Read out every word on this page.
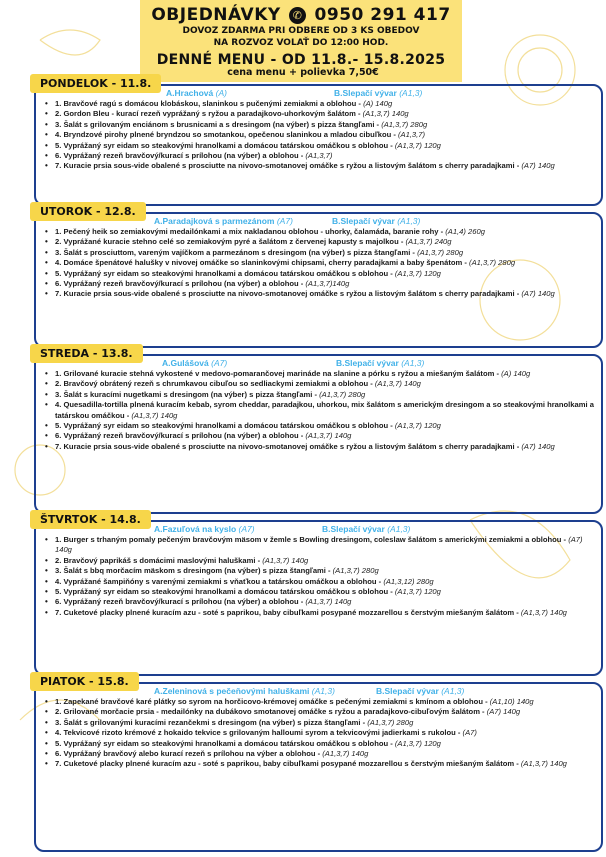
OBJEDNÁVKY ✆ 0950 291 417
DOVOZ ZDARMA PRI ODBERE OD 3 KS OBEDOV
NA ROZVOZ VOLAŤ DO 12:00 HOD.
DENNÉ MENU - OD 11.8.- 15.8.2025
cena menu + polievka 7,50€
PONDELOK - 11.8.
A.Hrachová (A)	B.Slepačí vývar (A1,3)
• 1. Bravčové ragú s domácou klobáskou, slaninkou s pučenými zemiakmi a oblohou - (A) 140g
• 2. Gordon Bleu - kurací rezeň vyprážaný s ryžou a paradajkovo-uhorkovým šalátom - (A1,3,7) 140g
• 3. Šalát s grilovaným enciánom s brusnicami a s dresingom (na výber) s pizza štangľami - (A1,3,7) 280g
• 4. Bryndzové pirohy plnené bryndzou so smotankou, opečenou slaninkou a mladou cibuľkou - (A1,3,7)
• 5. Vyprážaný syr eidam so steakovými hranolkami a domácou tatárskou omáčkou s oblohou - (A1,3,7) 120g
• 6. Vyprážaný rezeň bravčový/kurací s prílohou (na výber) a oblohou - (A1,3,7)
• 7. Kuracie prsia sous-vide obalené s prosciutte na nivovo-smotanovej omáčke s ryžou a listovým šalátom s cherry paradajkami - (A7) 140g
UTOROK - 12.8.
A.Paradajková s parmezánom (A7)	B.Slepačí vývar (A1,3)
• 1. Pečený heik so zemiakovými medailónkami a mix nakladanou oblohou - uhorky, čalamáda, baranie rohy - (A1,4) 260g
• 2. Vyprážané kuracie stehno celé so zemiakovým pyré a šalátom z červenej kapusty s majolkou - (A1,3,7) 240g
• 3. Šalát s prosciuttom, vareným vajíčkom a parmezánom s dresingom (na výber) s pizza štangľami - (A1,3,7) 280g
• 4. Domáce špenátové halušky v nivovej omáčke so slaninkovými chipsami, cherry paradajkami a baby špenátom - (A1,3,7) 280g
• 5. Vyprážaný syr eidam so steakovými hranolkami a domácou tatárskou omáčkou s oblohou - (A1,3,7) 120g
• 6. Vyprážaný rezeň bravčový/kurací s prílohou (na výber) a oblohou - (A1,3,7)140g
• 7. Kuracie prsia sous-vide obalené s prosciutte na nivovo-smotanovej omáčke s ryžou a listovým šalátom s cherry paradajkami - (A7) 140g
STREDA - 13.8.
A.Gulášová (A7)	B.Slepačí vývar (A1,3)
• 1. Grilované kuracie stehná vykostené v medovo-pomarančovej marináde na slanine a pórku s ryžou a miešaným šalátom - (A) 140g
• 2. Bravčový obrátený rezeň s chrumkavou cibuľou so sedliackymi zemiakmi a oblohou - (A1,3,7) 140g
• 3. Šalát s kuracími nugetkami s dresingom (na výber) s pizza štangľami - (A1,3,7) 280g
• 4. Quesadilla-tortilla plnená kuracím kebab, syrom cheddar, paradajkou, uhorkou, mix šalátom s americkým dresingom a so steakovými hranolkami a tatárskou omáčkou - (A1,3,7) 140g
• 5. Vyprážaný syr eidam so steakovými hranolkami a domácou tatárskou omáčkou s oblohou - (A1,3,7) 120g
• 6. Vyprážaný rezeň bravčový/kurací s prílohou (na výber) a oblohou - (A1,3,7) 140g
• 7. Kuracie prsia sous-vide obalené s prosciutte na nivovo-smotanovej omáčke s ryžou a listovým šalátom s cherry paradajkami - (A7) 140g
ŠTVRTOK - 14.8.
A.Fazuľová na kyslo (A7)	B.Slepačí vývar (A1,3)
• 1. Burger s trhaným pomaly pečeným bravčovým mäsom v žemle s Bowling dresingom, coleslaw šalátom s americkými zemiakmi a oblohou - (A7) 140g
• 2. Bravčový paprikáš s domácimi maslovými haluškami - (A1,3,7) 140g
• 3. Šalát s bbq morčacím mäskom s dresingom (na výber) s pizza štangľami - (A1,3,7) 280g
• 4. Vyprážané šampiňóny s varenými zemiakmi s vňaťkou a tatárskou omáčkou a oblohou - (A1,3,12) 280g
• 5. Vyprážaný syr eidam so steakovými hranolkami a domácou tatárskou omáčkou s oblohou - (A1,3,7) 120g
• 6. Vyprážaný rezeň bravčový/kurací s prílohou (na výber) a oblohou - (A1,3,7) 140g
• 7. Cuketové placky plnené kuracím azu - soté s paprikou, baby cibuľkami posypané mozzarellou s čerstvým miešaným šalátom - (A1,3,7) 140g
PIATOK - 15.8.
A.Zeleninová s pečeňovými haluškami (A1,3)	B.Slepačí vývar (A1,3)
• 1. Zapekané bravčové karé plátky so syrom na horčicovo-krémovej omáčke s pečenými zemiakmi s kmínom a oblohou - (A1,10) 140g
• 2. Grilované morčacie prsia - medailónky na dubákovo smotanovej omáčke s ryžou a paradajkovo-cibuľovým šalátom - (A7) 140g
• 3. Šalát s grilovanými kuracími rezančekmi s dresingom (na výber) s pizza štangľami - (A1,3,7) 280g
• 4. Tekvicové rizoto krémové z hokaido tekvice s grilovaným halloumi syrom a tekvicovými jadierkami s rukolou - (A7)
• 5. Vyprážaný syr eidam so steakovými hranolkami a domácou tatárskou omáčkou s oblohou - (A1,3,7) 120g
• 6. Vyprážaný bravčový alebo kurací rezeň s prílohou na výber a oblohou - (A1,3,7) 140g
• 7. Cuketové placky plnené kuracím azu - soté s paprikou, baby cibuľkami posypané mozzarellou s čerstvým miešaným šalátom - (A1,3,7) 140g
